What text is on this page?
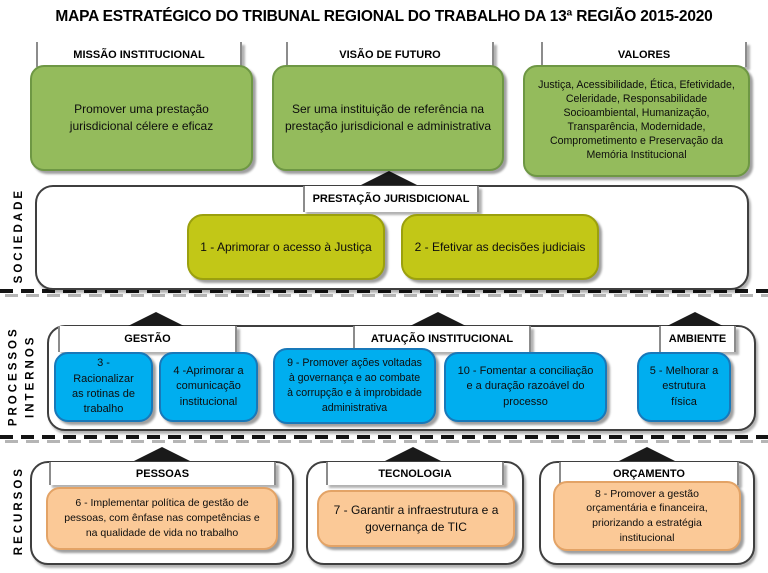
MAPA ESTRATÉGICO DO TRIBUNAL REGIONAL DO TRABALHO DA 13ª REGIÃO 2015-2020
MISSÃO INSTITUCIONAL
Promover uma prestação jurisdicional célere e eficaz
VISÃO DE FUTURO
Ser uma instituição de referência na prestação jurisdicional e administrativa
VALORES
Justiça, Acessibilidade, Ética, Efetividade, Celeridade, Responsabilidade Socioambiental, Humanização, Transparência, Modernidade, Comprometimento e Preservação da Memória Institucional
SOCIEDADE	PRESTAÇÃO JURISDICIONAL
1 - Aprimorar o acesso à Justiça	2 - Efetivar as decisões judiciais
PROCESSOS INTERNOS	GESTÃO	ATUAÇÃO INSTITUCIONAL	AMBIENTE
3 - Racionalizar as rotinas de trabalho
4 -Aprimorar a comunicação institucional
9 - Promover ações voltadas à governança e ao combate à corrupção e à improbidade administrativa
10 - Fomentar a conciliação e a duração razoável do processo
5 - Melhorar a estrutura física
RECURSOS	PESSOAS
6 - Implementar política de gestão de pessoas, com ênfase nas competências e na qualidade de vida no trabalho
TECNOLOGIA
7 - Garantir a infraestrutura e a governança de TIC
ORÇAMENTO
8 - Promover a gestão orçamentária e financeira, priorizando a estratégia institucional
